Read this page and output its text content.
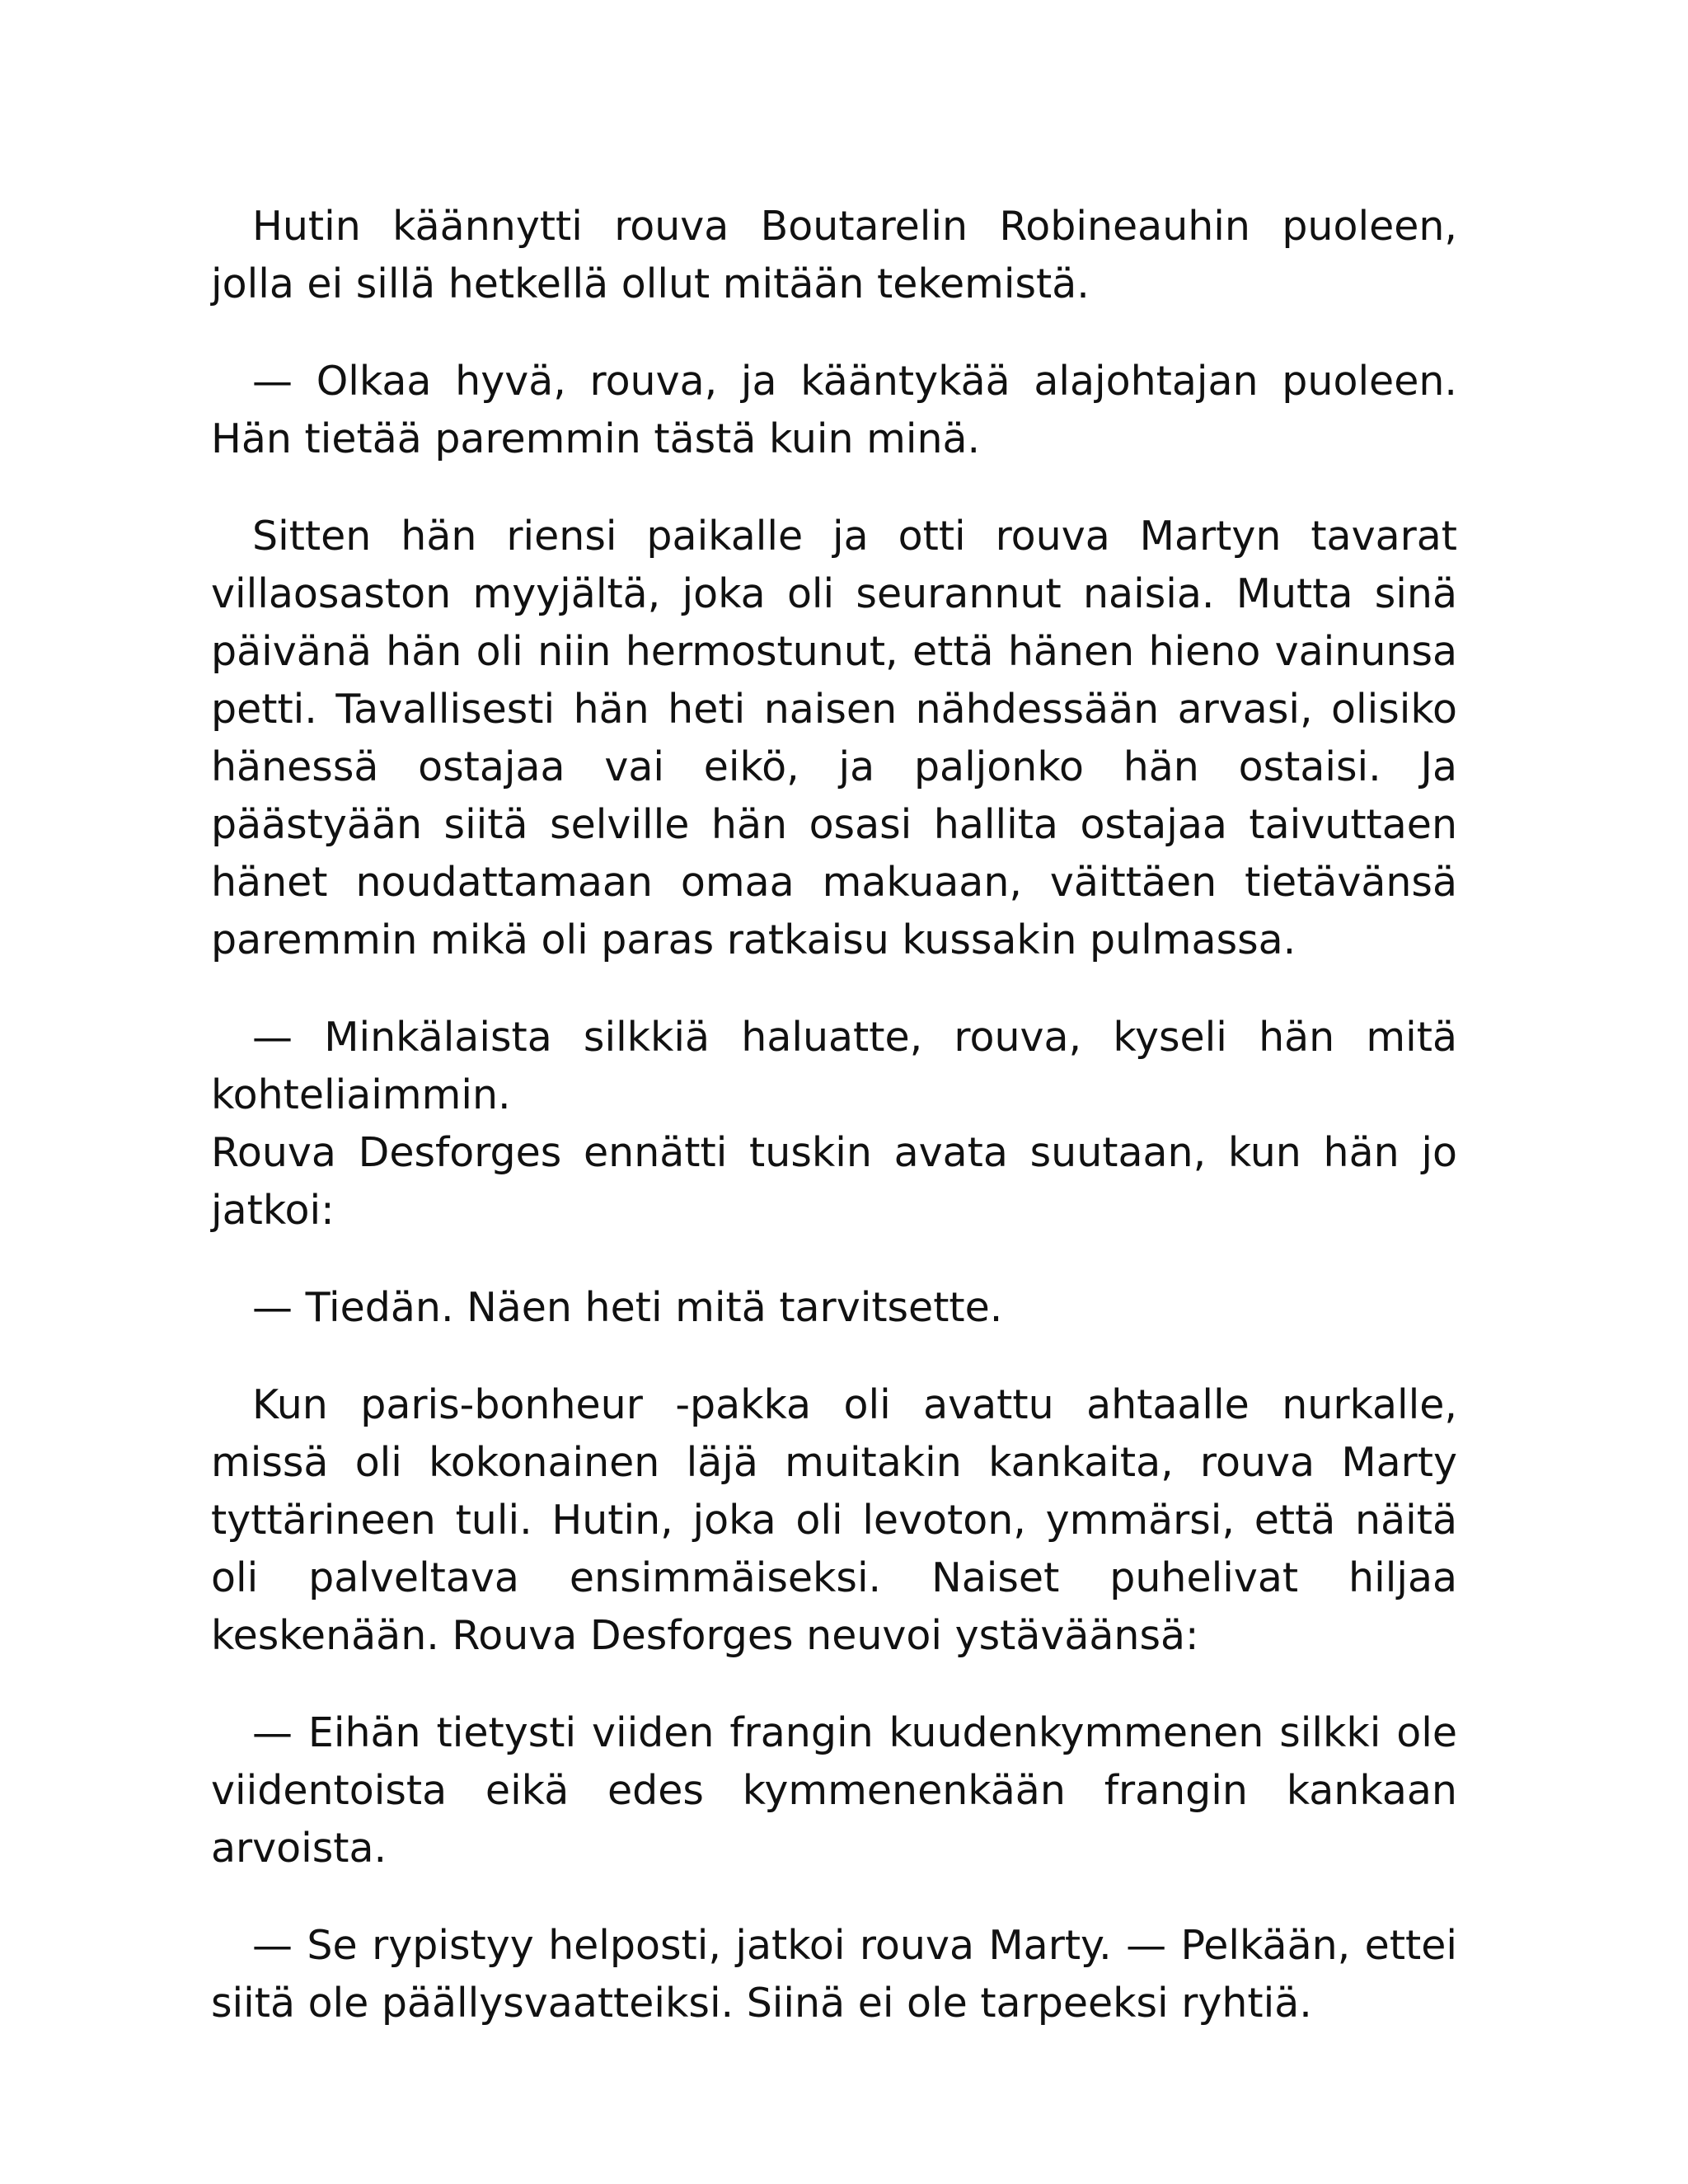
Hutin käännytti rouva Boutarelin Robineauhin puoleen, jolla ei sillä hetkellä ollut mitään tekemistä.

— Olkaa hyvä, rouva, ja kääntykää alajohtajan puoleen. Hän tietää paremmin tästä kuin minä.

Sitten hän riensi paikalle ja otti rouva Martyn tavarat villaosaston myyjältä, joka oli seurannut naisia. Mutta sinä päivänä hän oli niin hermostunut, että hänen hieno vainunsa petti. Tavallisesti hän heti naisen nähdessään arvasi, olisiko hänessä ostajaa vai eikö, ja paljonko hän ostaisi. Ja päästyään siitä selville hän osasi hallita ostajaa taivuttaen hänet noudattamaan omaa makuaan, väittäen tietävänsä paremmin mikä oli paras ratkaisu kussakin pulmassa.

— Minkälaista silkkiä haluatte, rouva, kyseli hän mitä kohteliaimmin.

Rouva Desforges ennätti tuskin avata suutaan, kun hän jo jatkoi:

— Tiedän. Näen heti mitä tarvitsette.

Kun paris-bonheur -pakka oli avattu ahtaalle nurkalle, missä oli kokonainen läjä muitakin kankaita, rouva Marty tyttärineen tuli. Hutin, joka oli levoton, ymmärsi, että näitä oli palveltava ensimmäiseksi. Naiset puhelivat hiljaa keskenään. Rouva Desforges neuvoi ystäväänsä:

— Eihän tietysti viiden frangin kuudenkymmenen silkki ole viidentoista eikä edes kymmenenkään frangin kankaan arvoista.

— Se rypistyy helposti, jatkoi rouva Marty. — Pelkään, ettei siitä ole päällysvaatteiksi. Siinä ei ole tarpeeksi ryhtiä.
